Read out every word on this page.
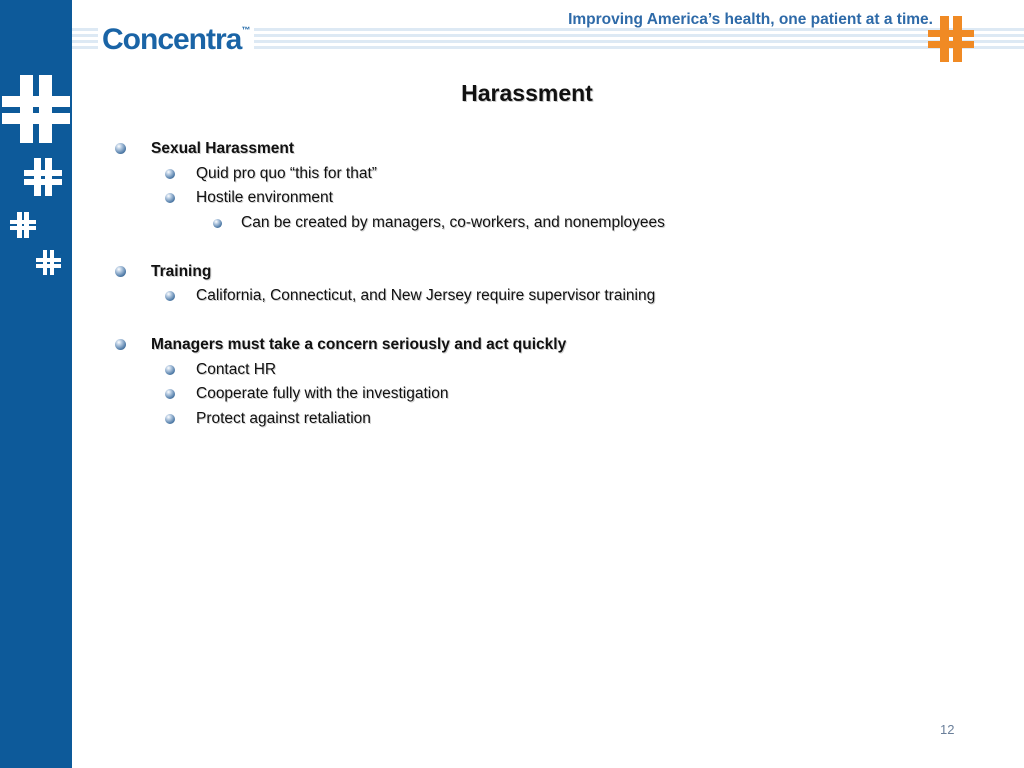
Concentra™
Improving America’s health, one patient at a time.
Harassment
Sexual Harassment
Quid pro quo “this for that”
Hostile environment
Can be created by managers, co-workers, and nonemployees
Training
California, Connecticut, and New Jersey require supervisor training
Managers must take a concern seriously and act quickly
Contact HR
Cooperate fully with the investigation
Protect against retaliation
12
